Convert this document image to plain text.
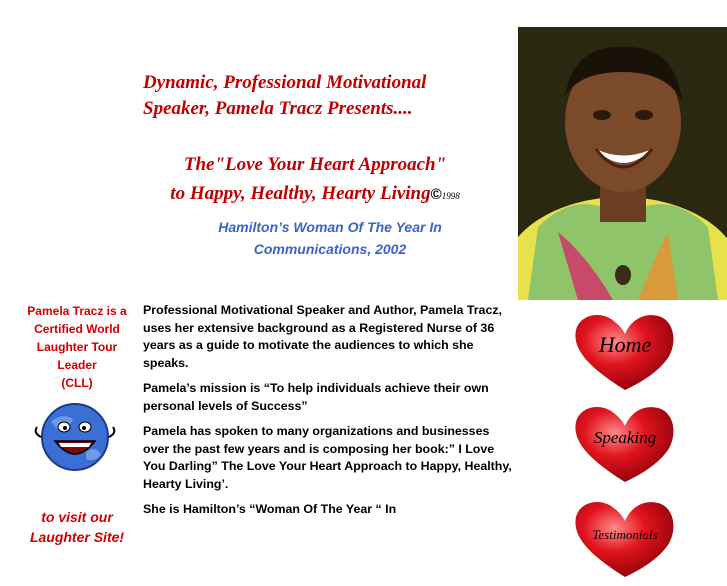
Dynamic, Professional Motivational
Speaker, Pamela Tracz Presents....
The"Love Your Heart Approach"
to Happy, Healthy, Hearty Living©1998
Hamilton’s Woman Of The Year In
Communications, 2002
Pamela Tracz is a
Certified World
Laughter Tour
Leader
(CLL)
to visit our
Laughter Site!

Professional Motivational Speaker and Author, Pamela Tracz, uses her extensive background as a Registered Nurse of 36 years as a guide to motivate the audiences to which she speaks.

Pamela’s mission is “To help individuals achieve their own personal levels of Success”

Pamela has spoken to many organizations and businesses over the past few years and is composing her book:” I Love You Darling” The Love Your Heart Approach to Happy, Healthy, Hearty Living’.

She is Hamilton’s “Woman Of The Year “ In

Home
Speaking
Testimonials
